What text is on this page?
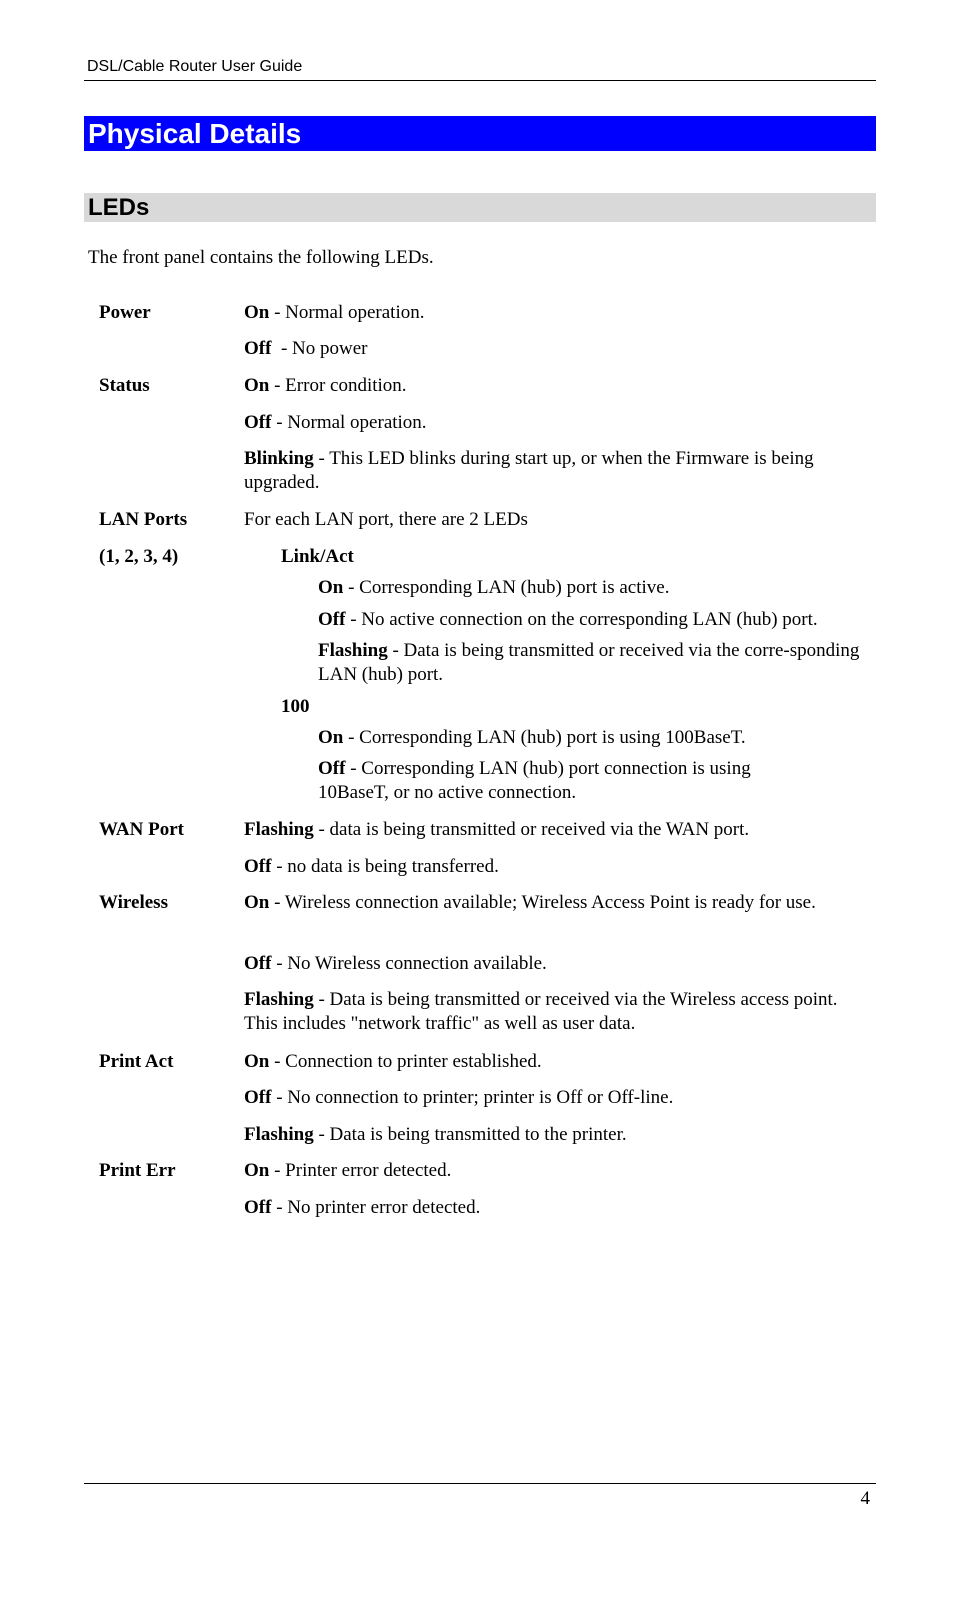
DSL/Cable Router User Guide
Physical Details
LEDs

The front panel contains the following LEDs.

Power	On - Normal operation.

Off  - No power

Status	On - Error condition.

Off - Normal operation.

Blinking - This LED blinks during start up, or when the Firmware is being upgraded.

LAN Ports	For each LAN port, there are 2 LEDs

(1, 2, 3, 4)	Link/Act

On - Corresponding LAN (hub) port is active.

Off - No active connection on the corresponding LAN (hub) port.

Flashing - Data is being transmitted or received via the corre-sponding LAN (hub) port.

100

On - Corresponding LAN (hub) port is using 100BaseT.

Off - Corresponding LAN (hub) port connection is using 10BaseT, or no active connection.

WAN Port	Flashing - data is being transmitted or received via the WAN port.

Off - no data is being transferred.

Wireless	On - Wireless connection available; Wireless Access Point is ready for use.

Off - No Wireless connection available.

Flashing - Data is being transmitted or received via the Wireless access point. This includes "network traffic" as well as user data.

Print Act	On - Connection to printer established.

Off - No connection to printer; printer is Off or Off-line.

Flashing - Data is being transmitted to the printer.

Print Err	On - Printer error detected.

Off - No printer error detected.

4
